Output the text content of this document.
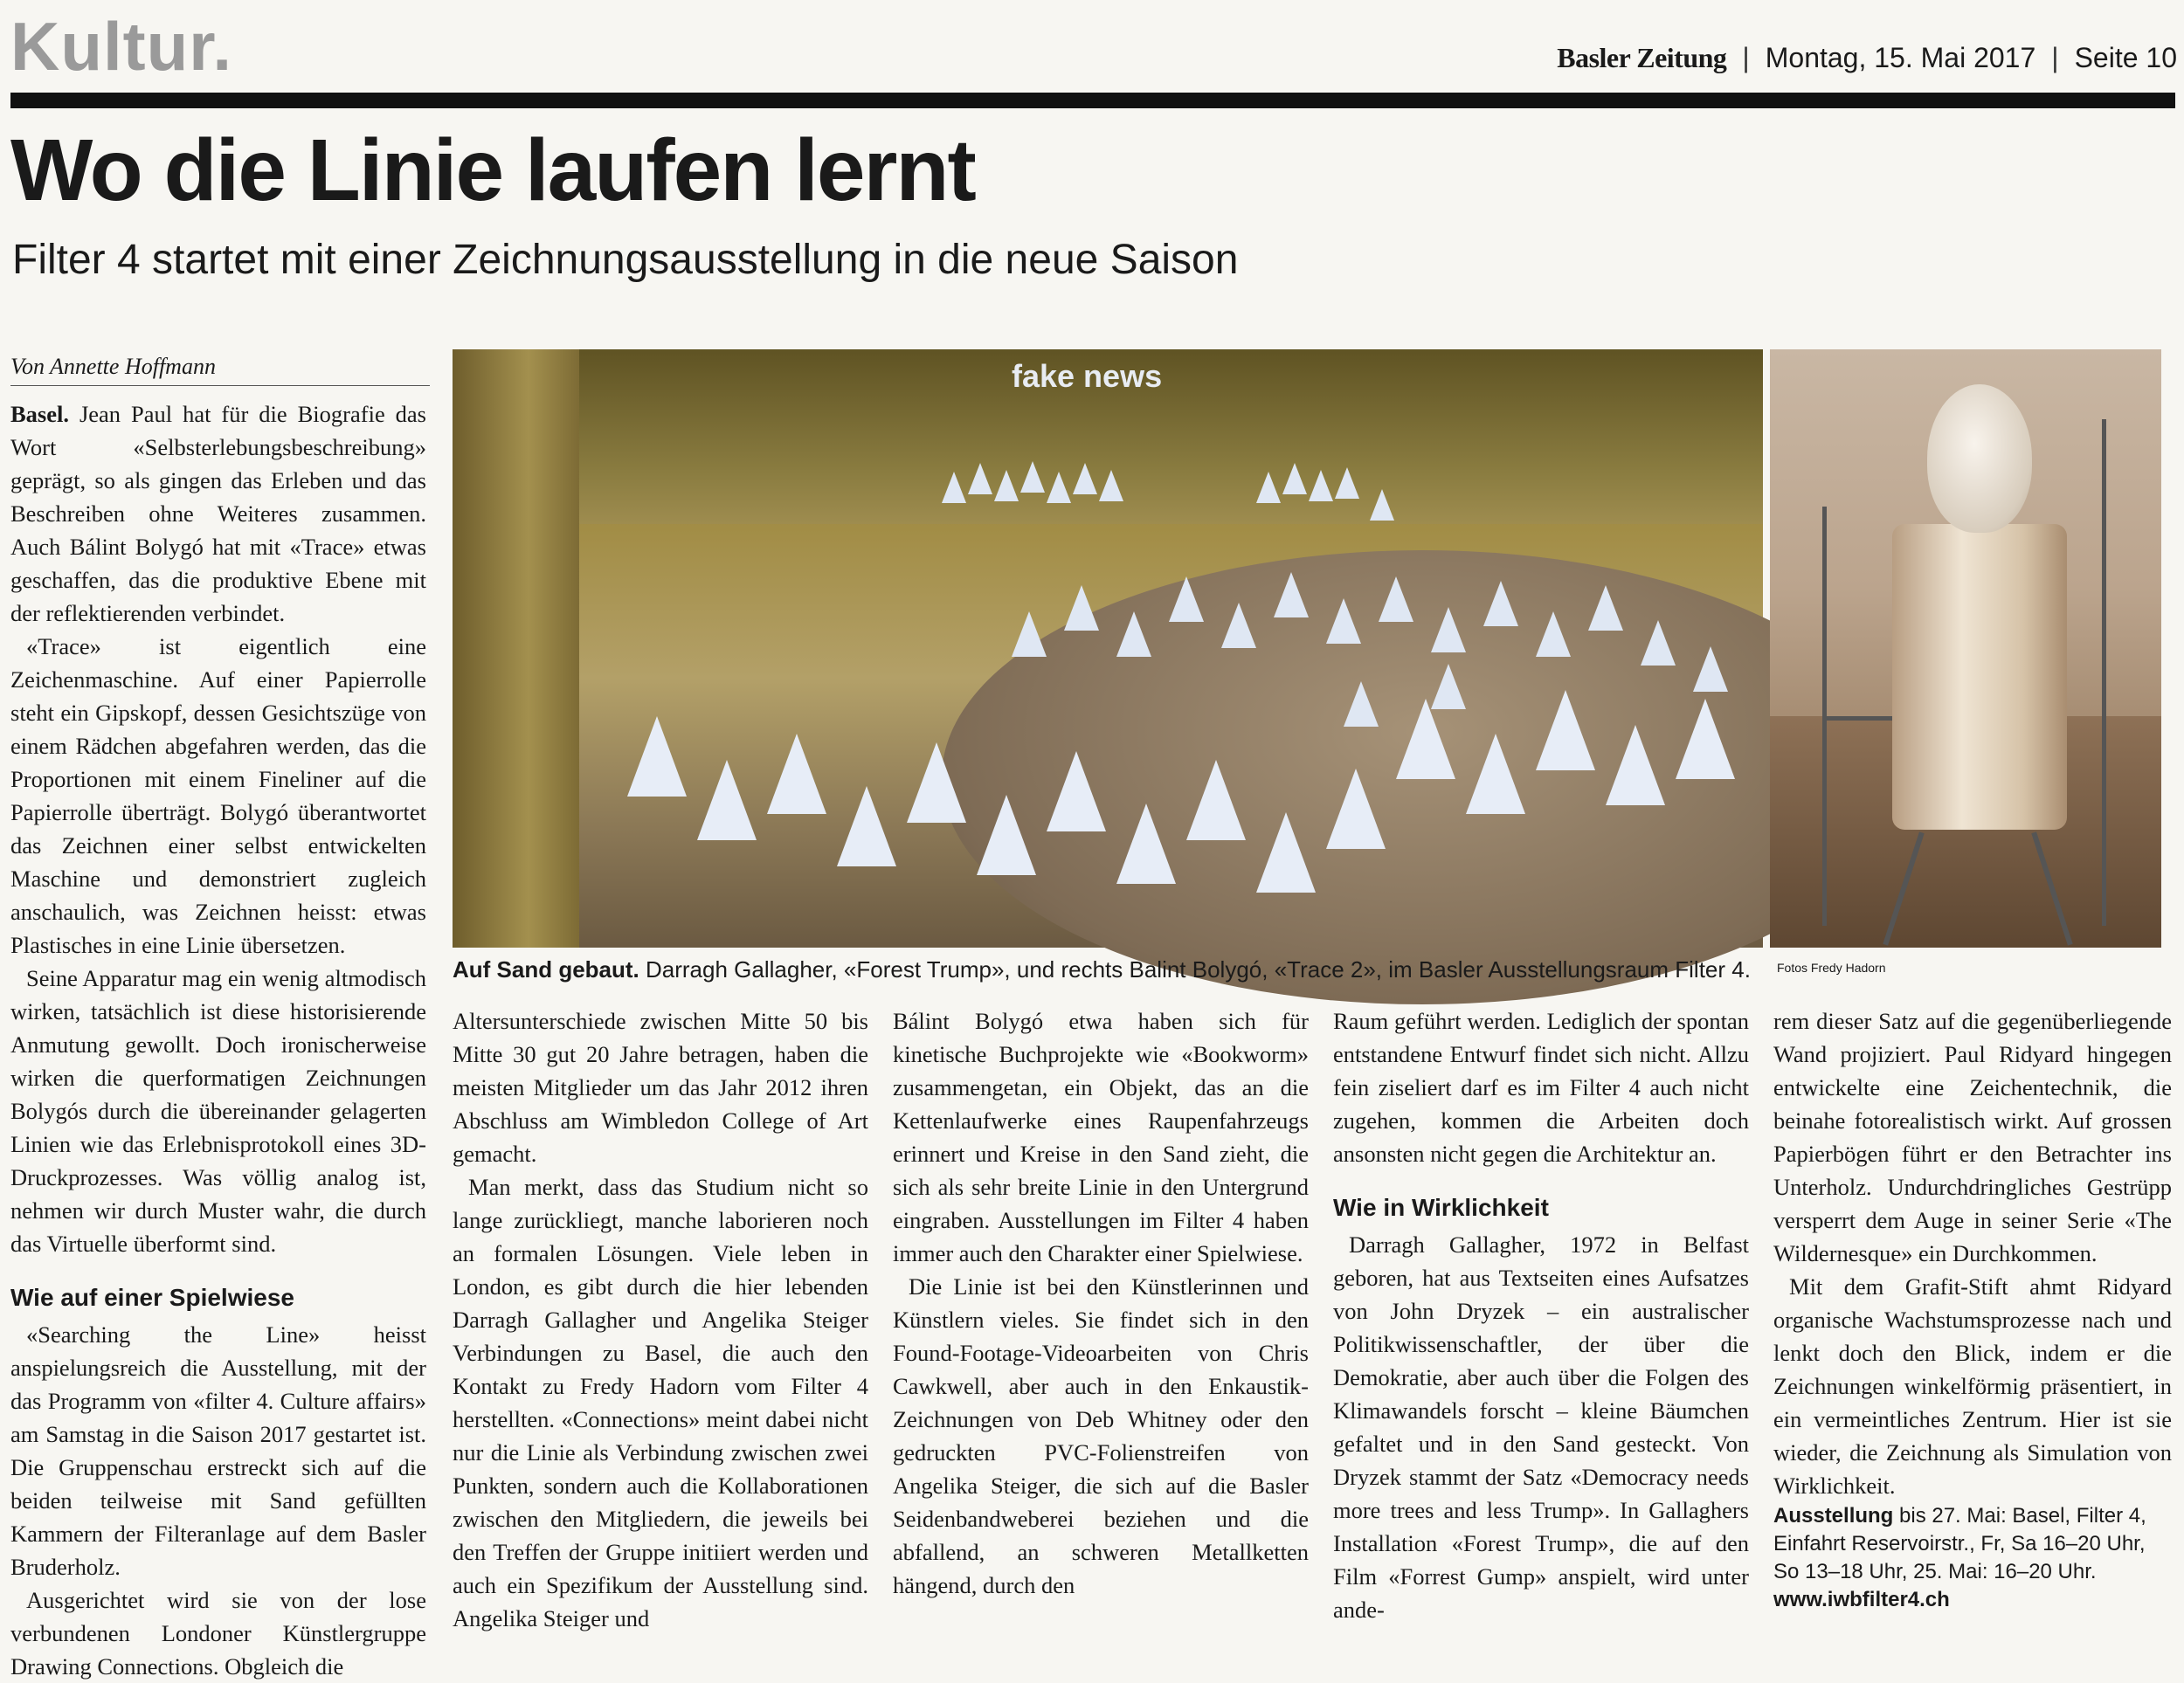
Kultur.	Basler Zeitung | Montag, 15. Mai 2017 | Seite 10
Wo die Linie laufen lernt
Filter 4 startet mit einer Zeichnungsausstellung in die neue Saison
Von Annette Hoffmann

Basel. Jean Paul hat für die Biografie das Wort «Selbsterlebungsbeschreibung» geprägt, so als gingen das Erleben und das Beschreiben ohne Weiteres zusammen. Auch Bálint Bolygó hat mit «Trace» etwas geschaffen, das die produktive Ebene mit der reflektierenden verbindet.

«Trace» ist eigentlich eine Zeichenmaschine. Auf einer Papierrolle steht ein Gipskopf, dessen Gesichtszüge von einem Rädchen abgefahren werden, das die Proportionen mit einem Fineliner auf die Papierrolle überträgt. Bolygó überantwortet das Zeichnen einer selbst entwickelten Maschine und demonstriert zugleich anschaulich, was Zeichnen heisst: etwas Plastisches in eine Linie übersetzen.

Seine Apparatur mag ein wenig altmodisch wirken, tatsächlich ist diese historisierende Anmutung gewollt. Doch ironischerweise wirken die querformatigen Zeichnungen Bolygós durch die übereinander gelagerten Linien wie das Erlebnisprotokoll eines 3D-Druckprozesses. Was völlig analog ist, nehmen wir durch Muster wahr, die durch das Virtuelle überformt sind.

Wie auf einer Spielwiese

«Searching the Line» heisst anspielungsreich die Ausstellung, mit der das Programm von «filter 4. Culture affairs» am Samstag in die Saison 2017 gestartet ist. Die Gruppenschau erstreckt sich auf die beiden teilweise mit Sand gefüllten Kammern der Filteranlage auf dem Basler Bruderholz.

Ausgerichtet wird sie von der lose verbundenen Londoner Künstlergruppe Drawing Connections. Obgleich die

fake news
Auf Sand gebaut. Darragh Gallagher, «Forest Trump», und rechts Balint Bolygó, «Trace 2», im Basler Ausstellungsraum Filter 4. Fotos Fredy Hadorn

Altersunterschiede zwischen Mitte 50 bis Mitte 30 gut 20 Jahre betragen, haben die meisten Mitglieder um das Jahr 2012 ihren Abschluss am Wimbledon College of Art gemacht.

Man merkt, dass das Studium nicht so lange zurückliegt, manche laborieren noch an formalen Lösungen. Viele leben in London, es gibt durch die hier lebenden Darragh Gallagher und Angelika Steiger Verbindungen zu Basel, die auch den Kontakt zu Fredy Hadorn vom Filter 4 herstellten. «Connections» meint dabei nicht nur die Linie als Verbindung zwischen zwei Punkten, sondern auch die Kollaborationen zwischen den Mitgliedern, die jeweils bei den Treffen der Gruppe initiiert werden und auch ein Spezifikum der Ausstellung sind. Angelika Steiger und

Bálint Bolygó etwa haben sich für kinetische Buchprojekte wie «Bookworm» zusammengetan, ein Objekt, das an die Kettenlaufwerke eines Raupenfahrzeugs erinnert und Kreise in den Sand zieht, die sich als sehr breite Linie in den Untergrund eingraben. Ausstellungen im Filter 4 haben immer auch den Charakter einer Spielwiese.

Die Linie ist bei den Künstlerinnen und Künstlern vieles. Sie findet sich in den Found-Footage-Videoarbeiten von Chris Cawkwell, aber auch in den Enkaustik-Zeichnungen von Deb Whitney oder den gedruckten PVC-Folienstreifen von Angelika Steiger, die sich auf die Basler Seidenbandweberei beziehen und die abfallend, an schweren Metallketten hängend, durch den

Raum geführt werden. Lediglich der spontan entstandene Entwurf findet sich nicht. Allzu fein ziseliert darf es im Filter 4 auch nicht zugehen, kommen die Arbeiten doch ansonsten nicht gegen die Architektur an.

Wie in Wirklichkeit

Darragh Gallagher, 1972 in Belfast geboren, hat aus Textseiten eines Aufsatzes von John Dryzek – ein australischer Politikwissenschaftler, der über die Demokratie, aber auch über die Folgen des Klimawandels forscht – kleine Bäumchen gefaltet und in den Sand gesteckt. Von Dryzek stammt der Satz «Democracy needs more trees and less Trump». In Gallaghers Installation «Forest Trump», die auf den Film «Forrest Gump» anspielt, wird unter ande-

rem dieser Satz auf die gegenüberliegende Wand projiziert. Paul Ridyard hingegen entwickelte eine Zeichentechnik, die beinahe fotorealistisch wirkt. Auf grossen Papierbögen führt er den Betrachter ins Unterholz. Undurchdringliches Gestrüpp versperrt dem Auge in seiner Serie «The Wildernesque» ein Durchkommen.

Mit dem Grafit-Stift ahmt Ridyard organische Wachstumsprozesse nach und lenkt doch den Blick, indem er die Zeichnungen winkelförmig präsentiert, in ein vermeintliches Zentrum. Hier ist sie wieder, die Zeichnung als Simulation von Wirklichkeit.

Ausstellung bis 27. Mai: Basel, Filter 4, Einfahrt Reservoirstr., Fr, Sa 16–20 Uhr, So 13–18 Uhr, 25. Mai: 16–20 Uhr.
www.iwbfilter4.ch
